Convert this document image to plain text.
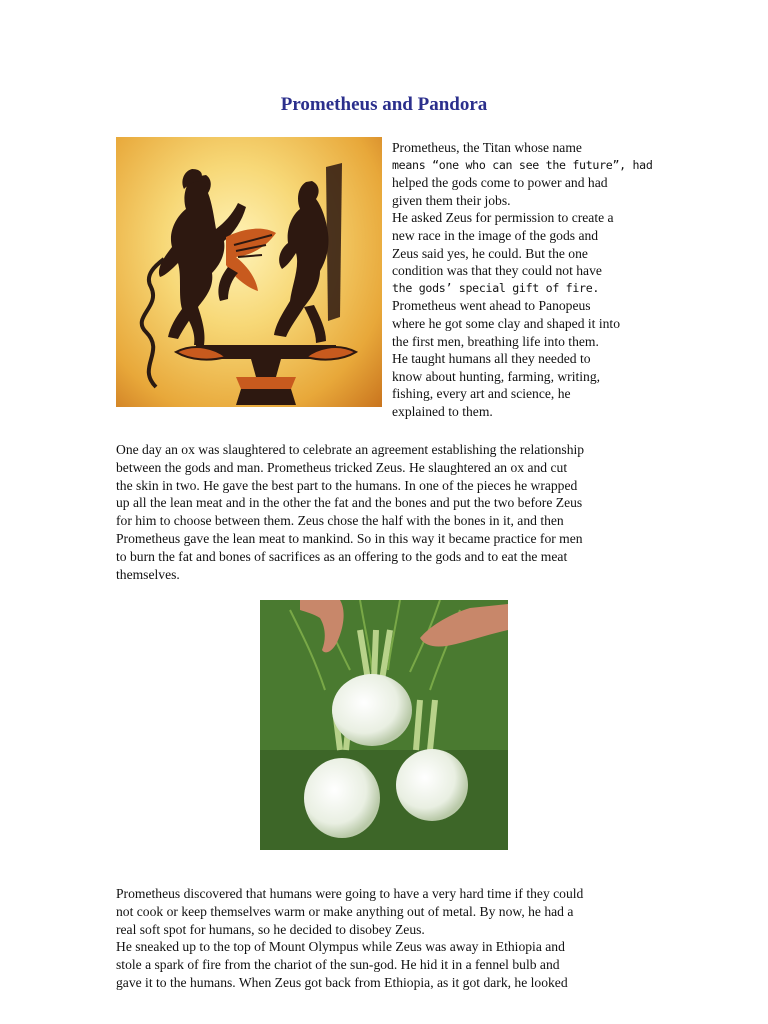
Prometheus and Pandora

Prometheus, the Titan whose name

means “one who can see the future”, had

helped the gods come to power and had

given them their jobs.

He asked Zeus for permission to create a

new race in the image of the gods and

Zeus said yes, he could. But the one

condition was that they could not have

the gods’ special gift of fire.

Prometheus went ahead to Panopeus

where he got some clay and shaped it into

the first men, breathing life into them.

He taught humans all they needed to

know about hunting, farming, writing,

fishing, every art and science, he

explained to them.

One day an ox was slaughtered to celebrate an agreement establishing the relationship

between the gods and man. Prometheus tricked Zeus. He slaughtered an ox and cut

the skin in two. He gave the best part to the humans. In one of the pieces he wrapped

up all the lean meat and in the other the fat and the bones and put the two before Zeus

for him to choose between them. Zeus chose the half with the bones in it, and then

Prometheus gave the lean meat to mankind. So in this way it became practice for men

to burn the fat and bones of sacrifices as an offering to the gods and to eat the meat

themselves.

Prometheus discovered that humans were going to have a very hard time if they could

not cook or keep themselves warm or make anything out of metal. By now, he had a

real soft spot for humans, so he decided to disobey Zeus.

He sneaked up to the top of Mount Olympus while Zeus was away in Ethiopia and

stole a spark of fire from the chariot of the sun-god. He hid it in a fennel bulb and

gave it to the humans. When Zeus got back from Ethiopia, as it got dark, he looked
